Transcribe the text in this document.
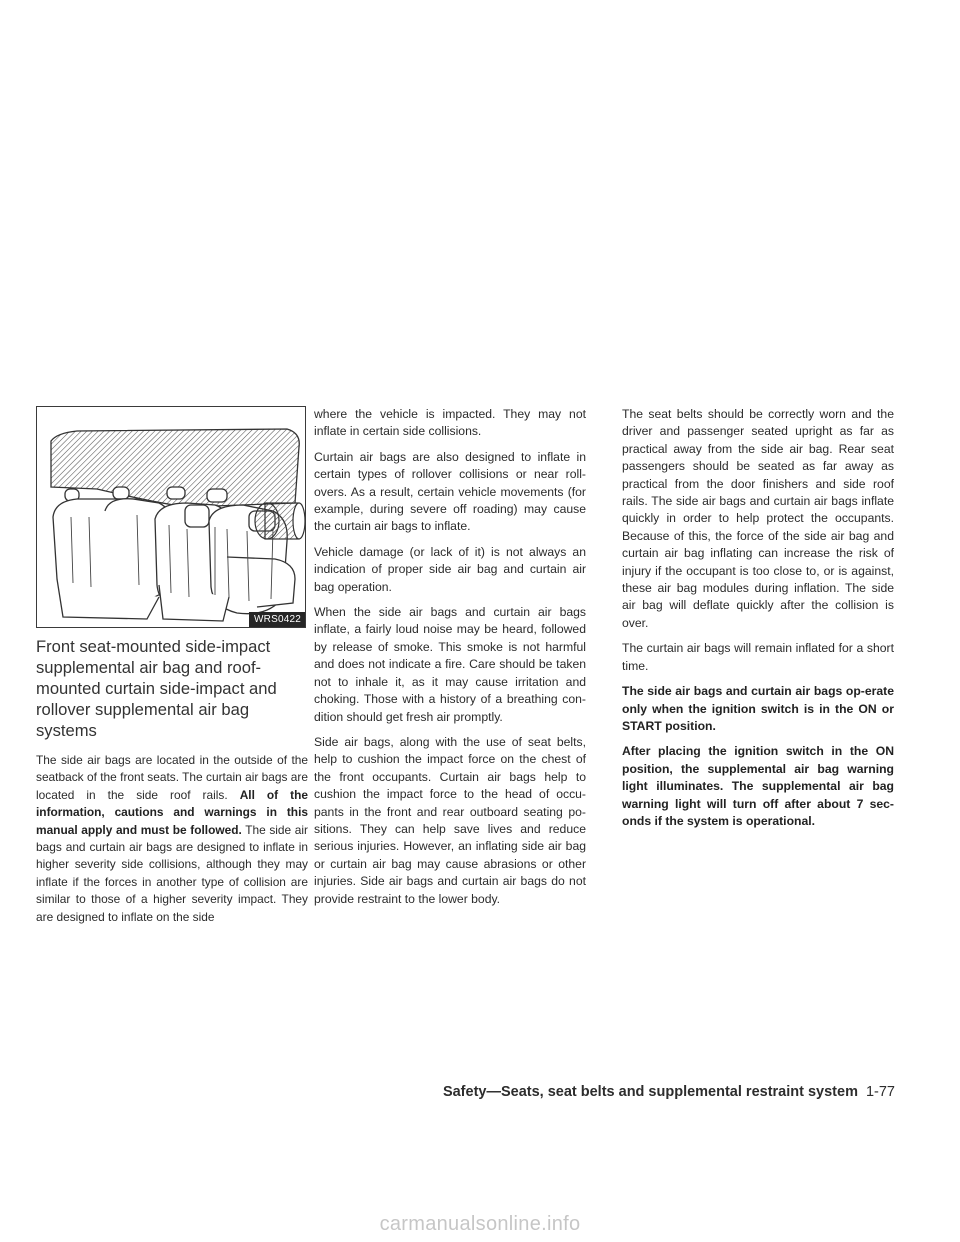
WRS0422
Front seat-mounted side-impact supplemental air bag and roof-mounted curtain side-impact and rollover supplemental air bag systems

The side air bags are located in the outside of the seatback of the front seats. The curtain air bags are located in the side roof rails. All of the information, cautions and warnings in this manual apply and must be followed. The side air bags and curtain air bags are designed to inflate in higher severity side collisions, although they may inflate if the forces in another type of collision are similar to those of a higher severity impact. They are designed to inflate on the side

where the vehicle is impacted. They may not inflate in certain side collisions.

Curtain air bags are also designed to inflate in certain types of rollover collisions or near roll-overs. As a result, certain vehicle movements (for example, during severe off roading) may cause the curtain air bags to inflate.

Vehicle damage (or lack of it) is not always an indication of proper side air bag and curtain air bag operation.

When the side air bags and curtain air bags inflate, a fairly loud noise may be heard, followed by release of smoke. This smoke is not harmful and does not indicate a fire. Care should be taken not to inhale it, as it may cause irritation and choking. Those with a history of a breathing con-dition should get fresh air promptly.

Side air bags, along with the use of seat belts, help to cushion the impact force on the chest of the front occupants. Curtain air bags help to cushion the impact force to the head of occu-pants in the front and rear outboard seating po-sitions. They can help save lives and reduce serious injuries. However, an inflating side air bag or curtain air bag may cause abrasions or other injuries. Side air bags and curtain air bags do not provide restraint to the lower body.

The seat belts should be correctly worn and the driver and passenger seated upright as far as practical away from the side air bag. Rear seat passengers should be seated as far away as practical from the door finishers and side roof rails. The side air bags and curtain air bags inflate quickly in order to help protect the occupants. Because of this, the force of the side air bag and curtain air bag inflating can increase the risk of injury if the occupant is too close to, or is against, these air bag modules during inflation. The side air bag will deflate quickly after the collision is over.

The curtain air bags will remain inflated for a short time.

The side air bags and curtain air bags op-erate only when the ignition switch is in the ON or START position.

After placing the ignition switch in the ON position, the supplemental air bag warning light illuminates. The supplemental air bag warning light will turn off after about 7 sec-onds if the system is operational.

Safety—Seats, seat belts and supplemental restraint system 1-77
carmanualsonline.info
